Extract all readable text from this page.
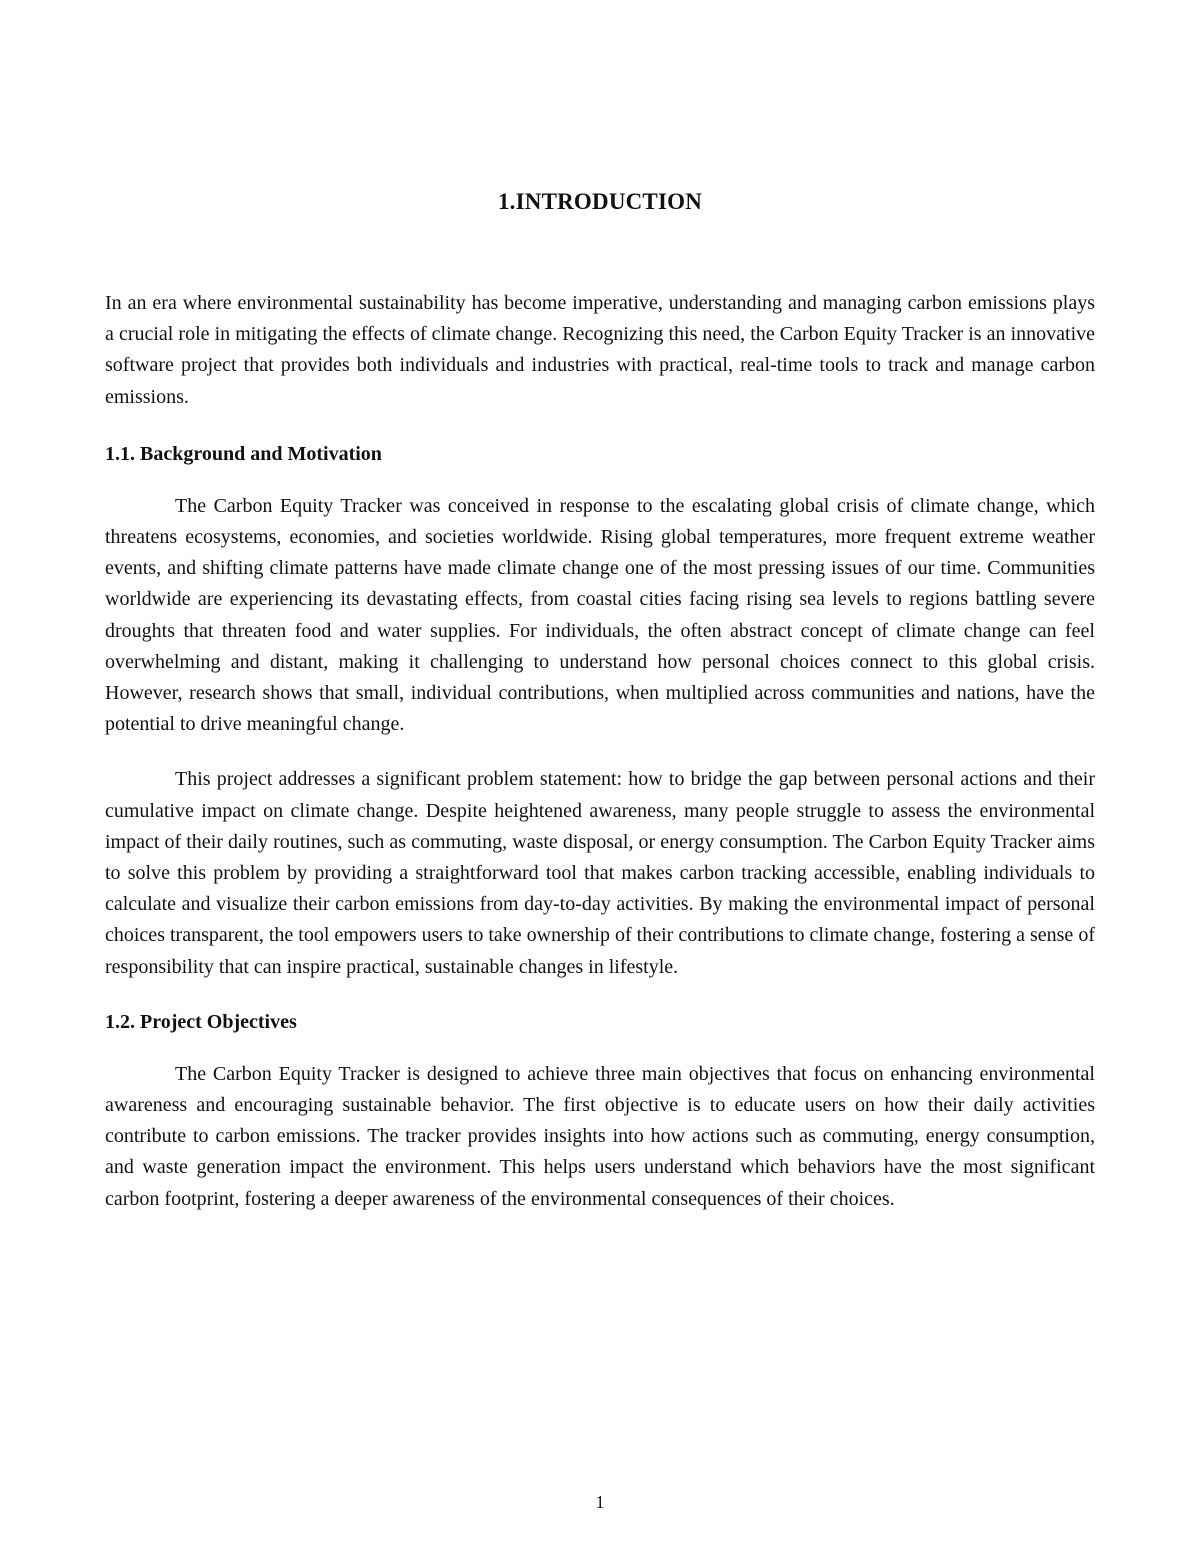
1.INTRODUCTION

In an era where environmental sustainability has become imperative, understanding and managing carbon emissions plays a crucial role in mitigating the effects of climate change. Recognizing this need, the Carbon Equity Tracker is an innovative software project that provides both individuals and industries with practical, real-time tools to track and manage carbon emissions.

1.1. Background and Motivation

The Carbon Equity Tracker was conceived in response to the escalating global crisis of climate change, which threatens ecosystems, economies, and societies worldwide. Rising global temperatures, more frequent extreme weather events, and shifting climate patterns have made climate change one of the most pressing issues of our time. Communities worldwide are experiencing its devastating effects, from coastal cities facing rising sea levels to regions battling severe droughts that threaten food and water supplies. For individuals, the often abstract concept of climate change can feel overwhelming and distant, making it challenging to understand how personal choices connect to this global crisis. However, research shows that small, individual contributions, when multiplied across communities and nations, have the potential to drive meaningful change.

This project addresses a significant problem statement: how to bridge the gap between personal actions and their cumulative impact on climate change. Despite heightened awareness, many people struggle to assess the environmental impact of their daily routines, such as commuting, waste disposal, or energy consumption. The Carbon Equity Tracker aims to solve this problem by providing a straightforward tool that makes carbon tracking accessible, enabling individuals to calculate and visualize their carbon emissions from day-to-day activities. By making the environmental impact of personal choices transparent, the tool empowers users to take ownership of their contributions to climate change, fostering a sense of responsibility that can inspire practical, sustainable changes in lifestyle.

1.2. Project Objectives

The Carbon Equity Tracker is designed to achieve three main objectives that focus on enhancing environmental awareness and encouraging sustainable behavior. The first objective is to educate users on how their daily activities contribute to carbon emissions. The tracker provides insights into how actions such as commuting, energy consumption, and waste generation impact the environment. This helps users understand which behaviors have the most significant carbon footprint, fostering a deeper awareness of the environmental consequences of their choices.

1
